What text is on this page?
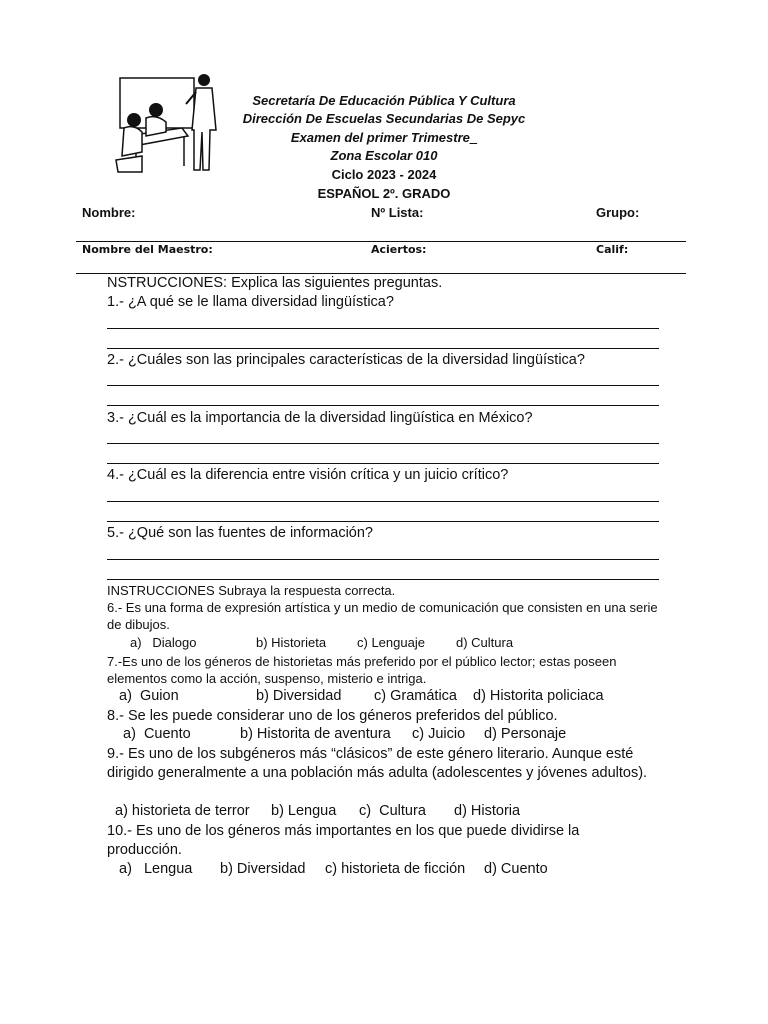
Secretaría De Educación Pública Y Cultura
Dirección De Escuelas Secundarias De Sepyc
Examen del primer Trimestre_
Zona Escolar 010
Ciclo 2023 - 2024
ESPAÑOL 2º. GRADO
Nombre:	Nº Lista:	Grupo:
Nombre del Maestro:	Aciertos:	Calif:
NSTRUCCIONES: Explica las siguientes preguntas.
1.- ¿A qué se le llama diversidad lingüística?
2.- ¿Cuáles son las principales características de la diversidad lingüística?
3.- ¿Cuál es la importancia de la diversidad lingüística en México?
4.- ¿Cuál es la diferencia entre visión crítica y un juicio crítico?
5.- ¿Qué son las fuentes de información?
INSTRUCCIONES Subraya la respuesta correcta.
6.- Es una forma de expresión artística y un medio de comunicación que consisten en una serie de dibujos.
a)   Dialogo	b) Historieta c) Lenguaje d) Cultura
7.-Es uno de los géneros de historietas más preferido por el público lector; estas poseen elementos como la acción, suspenso, misterio e intriga.
a)  Guion	b) Diversidad c) Gramática d) Historita policiaca
8.- Se les puede considerar uno de los géneros preferidos del público.
a)  Cuento	b) Historita de aventura c) Juicio d) Personaje
9.- Es uno de los subgéneros más “clásicos” de este género literario. Aunque esté dirigido generalmente a una población más adulta (adolescentes y jóvenes adultos).
a) historieta de terror b) Lengua c)  Cultura d) Historia
10.- Es uno de los géneros más importantes en los que puede dividirse la producción.
a)   Lengua b) Diversidad c) historieta de ficción d) Cuento
